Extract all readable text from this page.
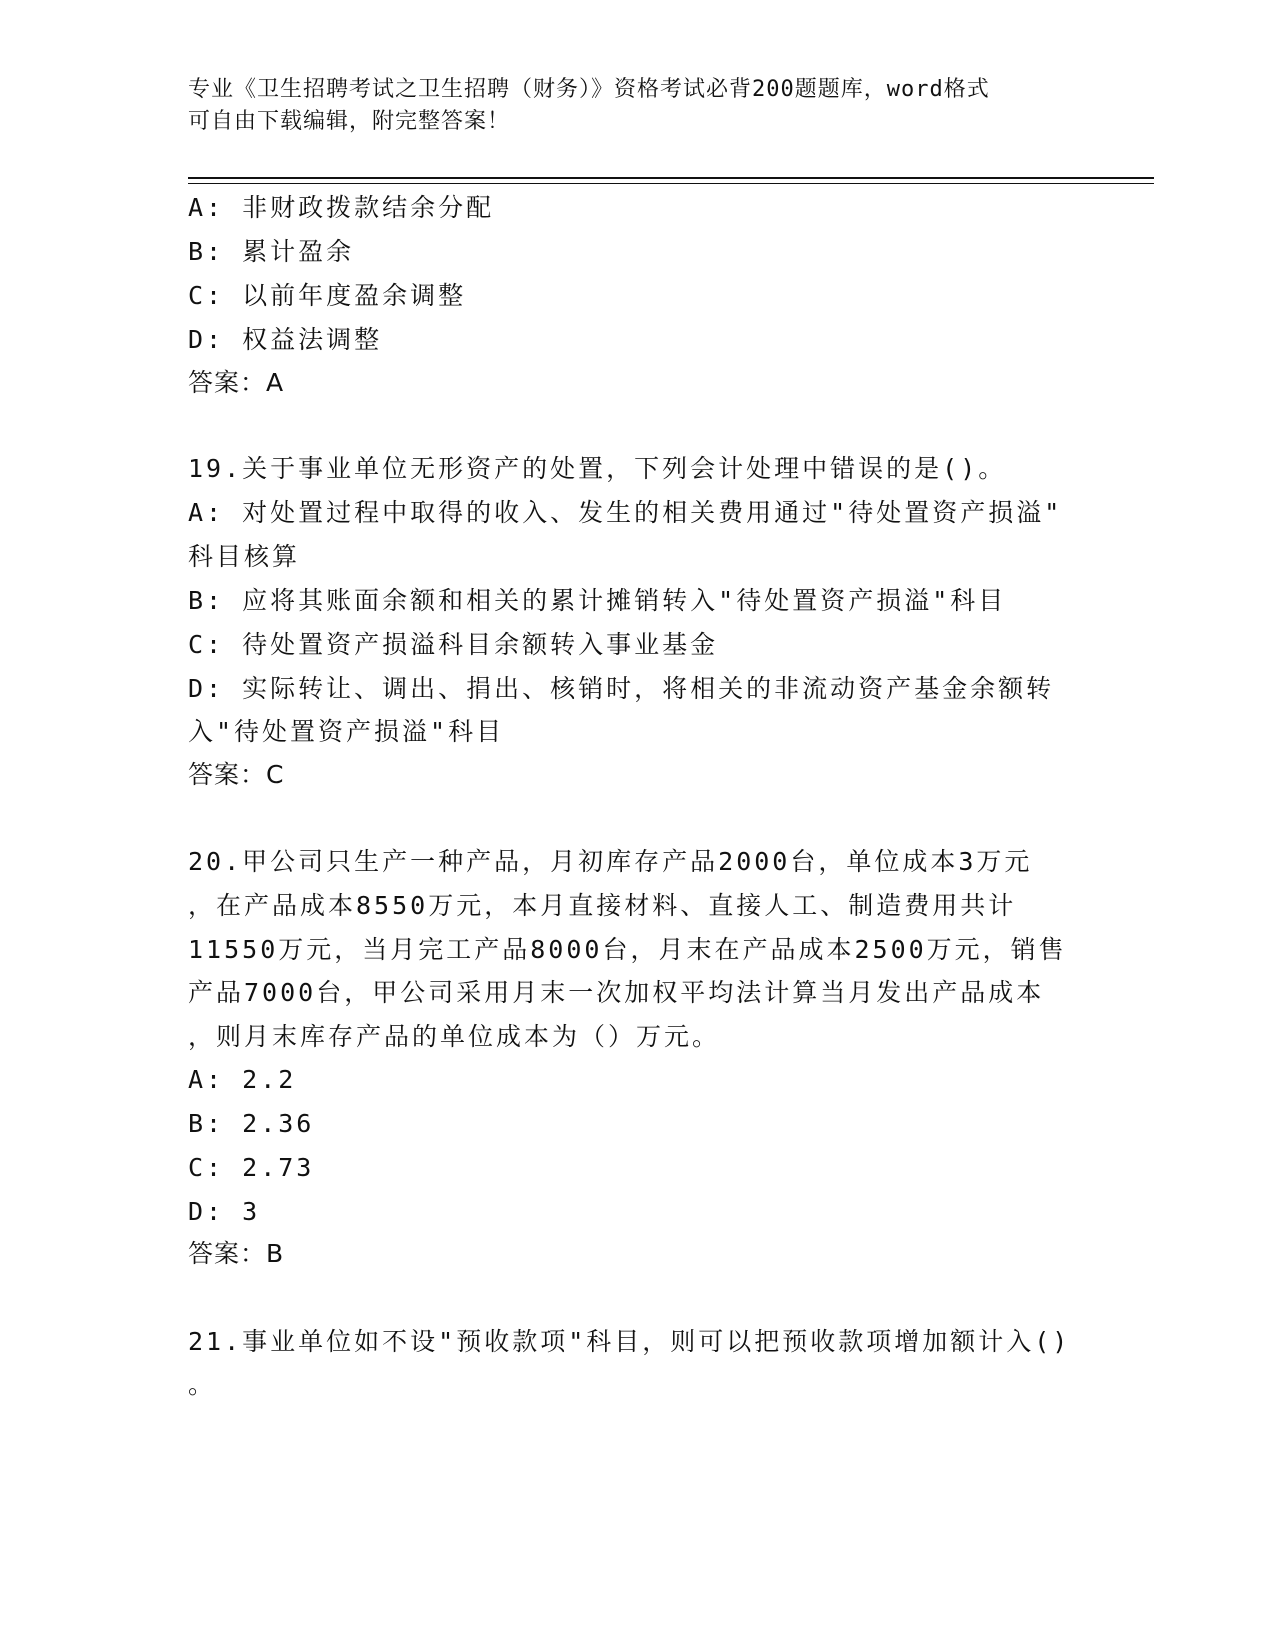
专业《卫生招聘考试之卫生招聘（财务）》资格考试必背200题题库，word格式
可自由下载编辑，附完整答案！
A: 非财政拨款结余分配
B: 累计盈余
C: 以前年度盈余调整
D: 权益法调整
答案：A
19.关于事业单位无形资产的处置，下列会计处理中错误的是()。
A: 对处置过程中取得的收入、发生的相关费用通过"待处置资产损溢"
科目核算
B: 应将其账面余额和相关的累计摊销转入"待处置资产损溢"科目
C: 待处置资产损溢科目余额转入事业基金
D: 实际转让、调出、捐出、核销时，将相关的非流动资产基金余额转
入"待处置资产损溢"科目
答案：C
20.甲公司只生产一种产品，月初库存产品2000台，单位成本3万元
，在产品成本8550万元，本月直接材料、直接人工、制造费用共计
11550万元，当月完工产品8000台，月末在产品成本2500万元，销售
产品7000台，甲公司采用月末一次加权平均法计算当月发出产品成本
，则月末库存产品的单位成本为（）万元。
A: 2.2
B: 2.36
C: 2.73
D: 3
答案：B
21.事业单位如不设"预收款项"科目，则可以把预收款项增加额计入()
。
